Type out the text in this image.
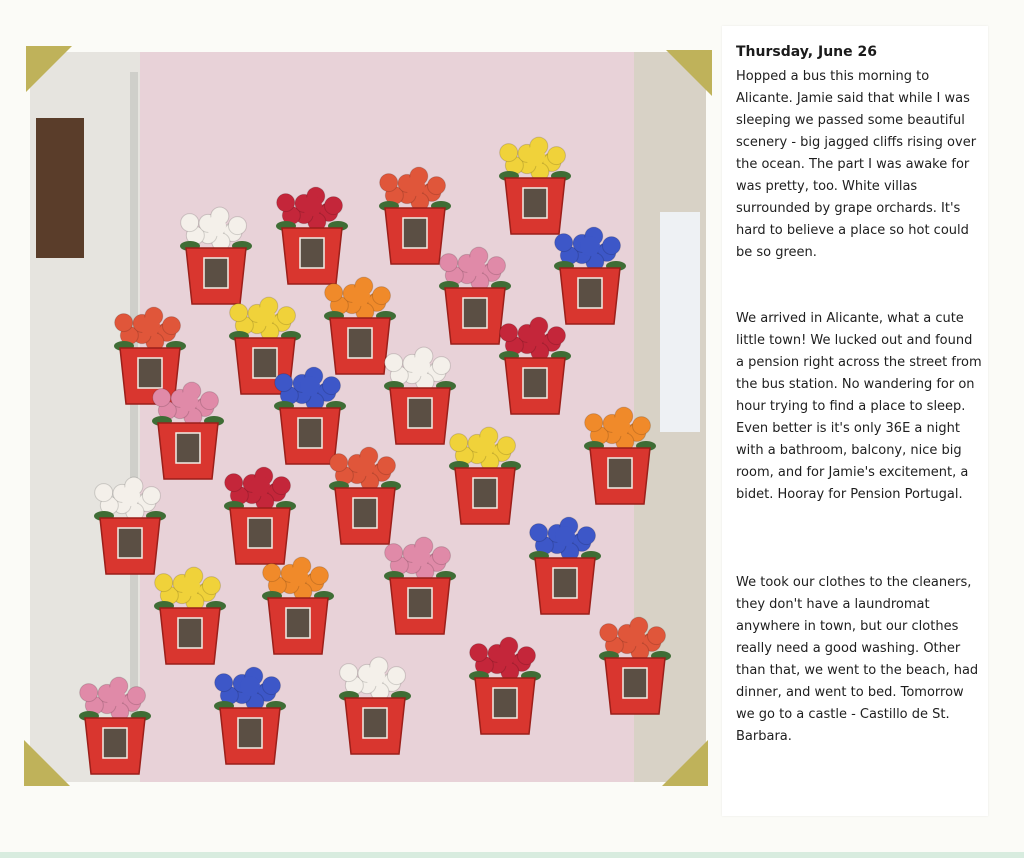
Thursday, June 26

Hopped a bus this morning to Alicante. Jamie said that while I was sleeping we passed some beautiful scenery - big jagged cliffs rising over the ocean. The part I was awake for was pretty, too. White villas surrounded by grape orchards. It's hard to believe a place so hot could be so green.

We arrived in Alicante, what a cute little town! We lucked out and found a pension right across the street from the bus station. No wandering for on hour trying to find a place to sleep. Even better is it's only 36E a night with a bathroom, balcony, nice big room, and for Jamie's excitement, a bidet. Hooray for Pension Portugal.

We took our clothes to the cleaners, they don't have a laundromat anywhere in town, but our clothes really need a good washing. Other than that, we went to the beach, had dinner, and went to bed. Tomorrow we go to a castle - Castillo de St. Barbara.
